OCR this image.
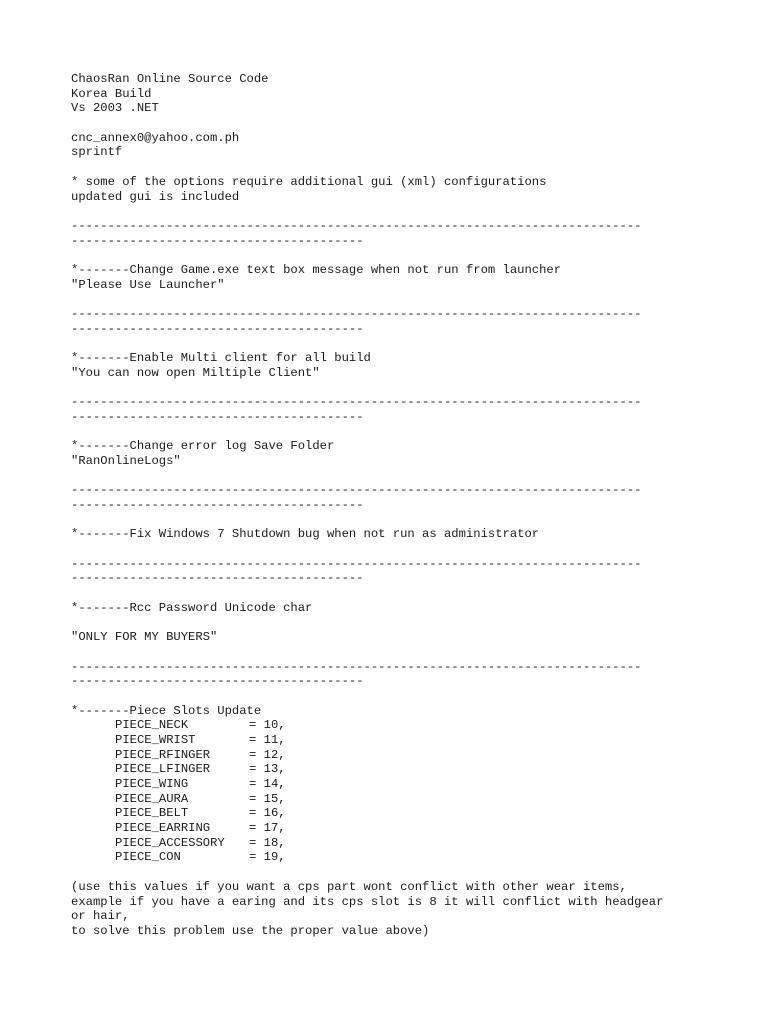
ChaosRan Online Source Code
Korea Build
Vs 2003 .NET
cnc_annex0@yahoo.com.ph
sprintf
* some of the options require additional gui (xml) configurations
updated gui is included
------------------------------------------------------------------------------
----------------------------------------
*-------Change Game.exe text box message when not run from launcher
"Please Use Launcher"
------------------------------------------------------------------------------
----------------------------------------
*-------Enable Multi client for all build
"You can now open Miltiple Client"
------------------------------------------------------------------------------
----------------------------------------
*-------Change error log Save Folder
"RanOnlineLogs"
------------------------------------------------------------------------------
----------------------------------------
*-------Fix Windows 7 Shutdown bug when not run as administrator
------------------------------------------------------------------------------
----------------------------------------
*-------Rcc Password Unicode char
"ONLY FOR MY BUYERS"
------------------------------------------------------------------------------
----------------------------------------
*-------Piece Slots Update
PIECE_NECK	= 10,
PIECE_WRIST	= 11,
PIECE_RFINGER	= 12,
PIECE_LFINGER	= 13,
PIECE_WING	= 14,
PIECE_AURA	= 15,
PIECE_BELT	= 16,
PIECE_EARRING	= 17,
PIECE_ACCESSORY	= 18,
PIECE_CON	= 19,
(use this values if you want a cps part wont conflict with other wear items,
example if you have a earing and its cps slot is 8 it will conflict with headgear
or hair,
to solve this problem use the proper value above)
